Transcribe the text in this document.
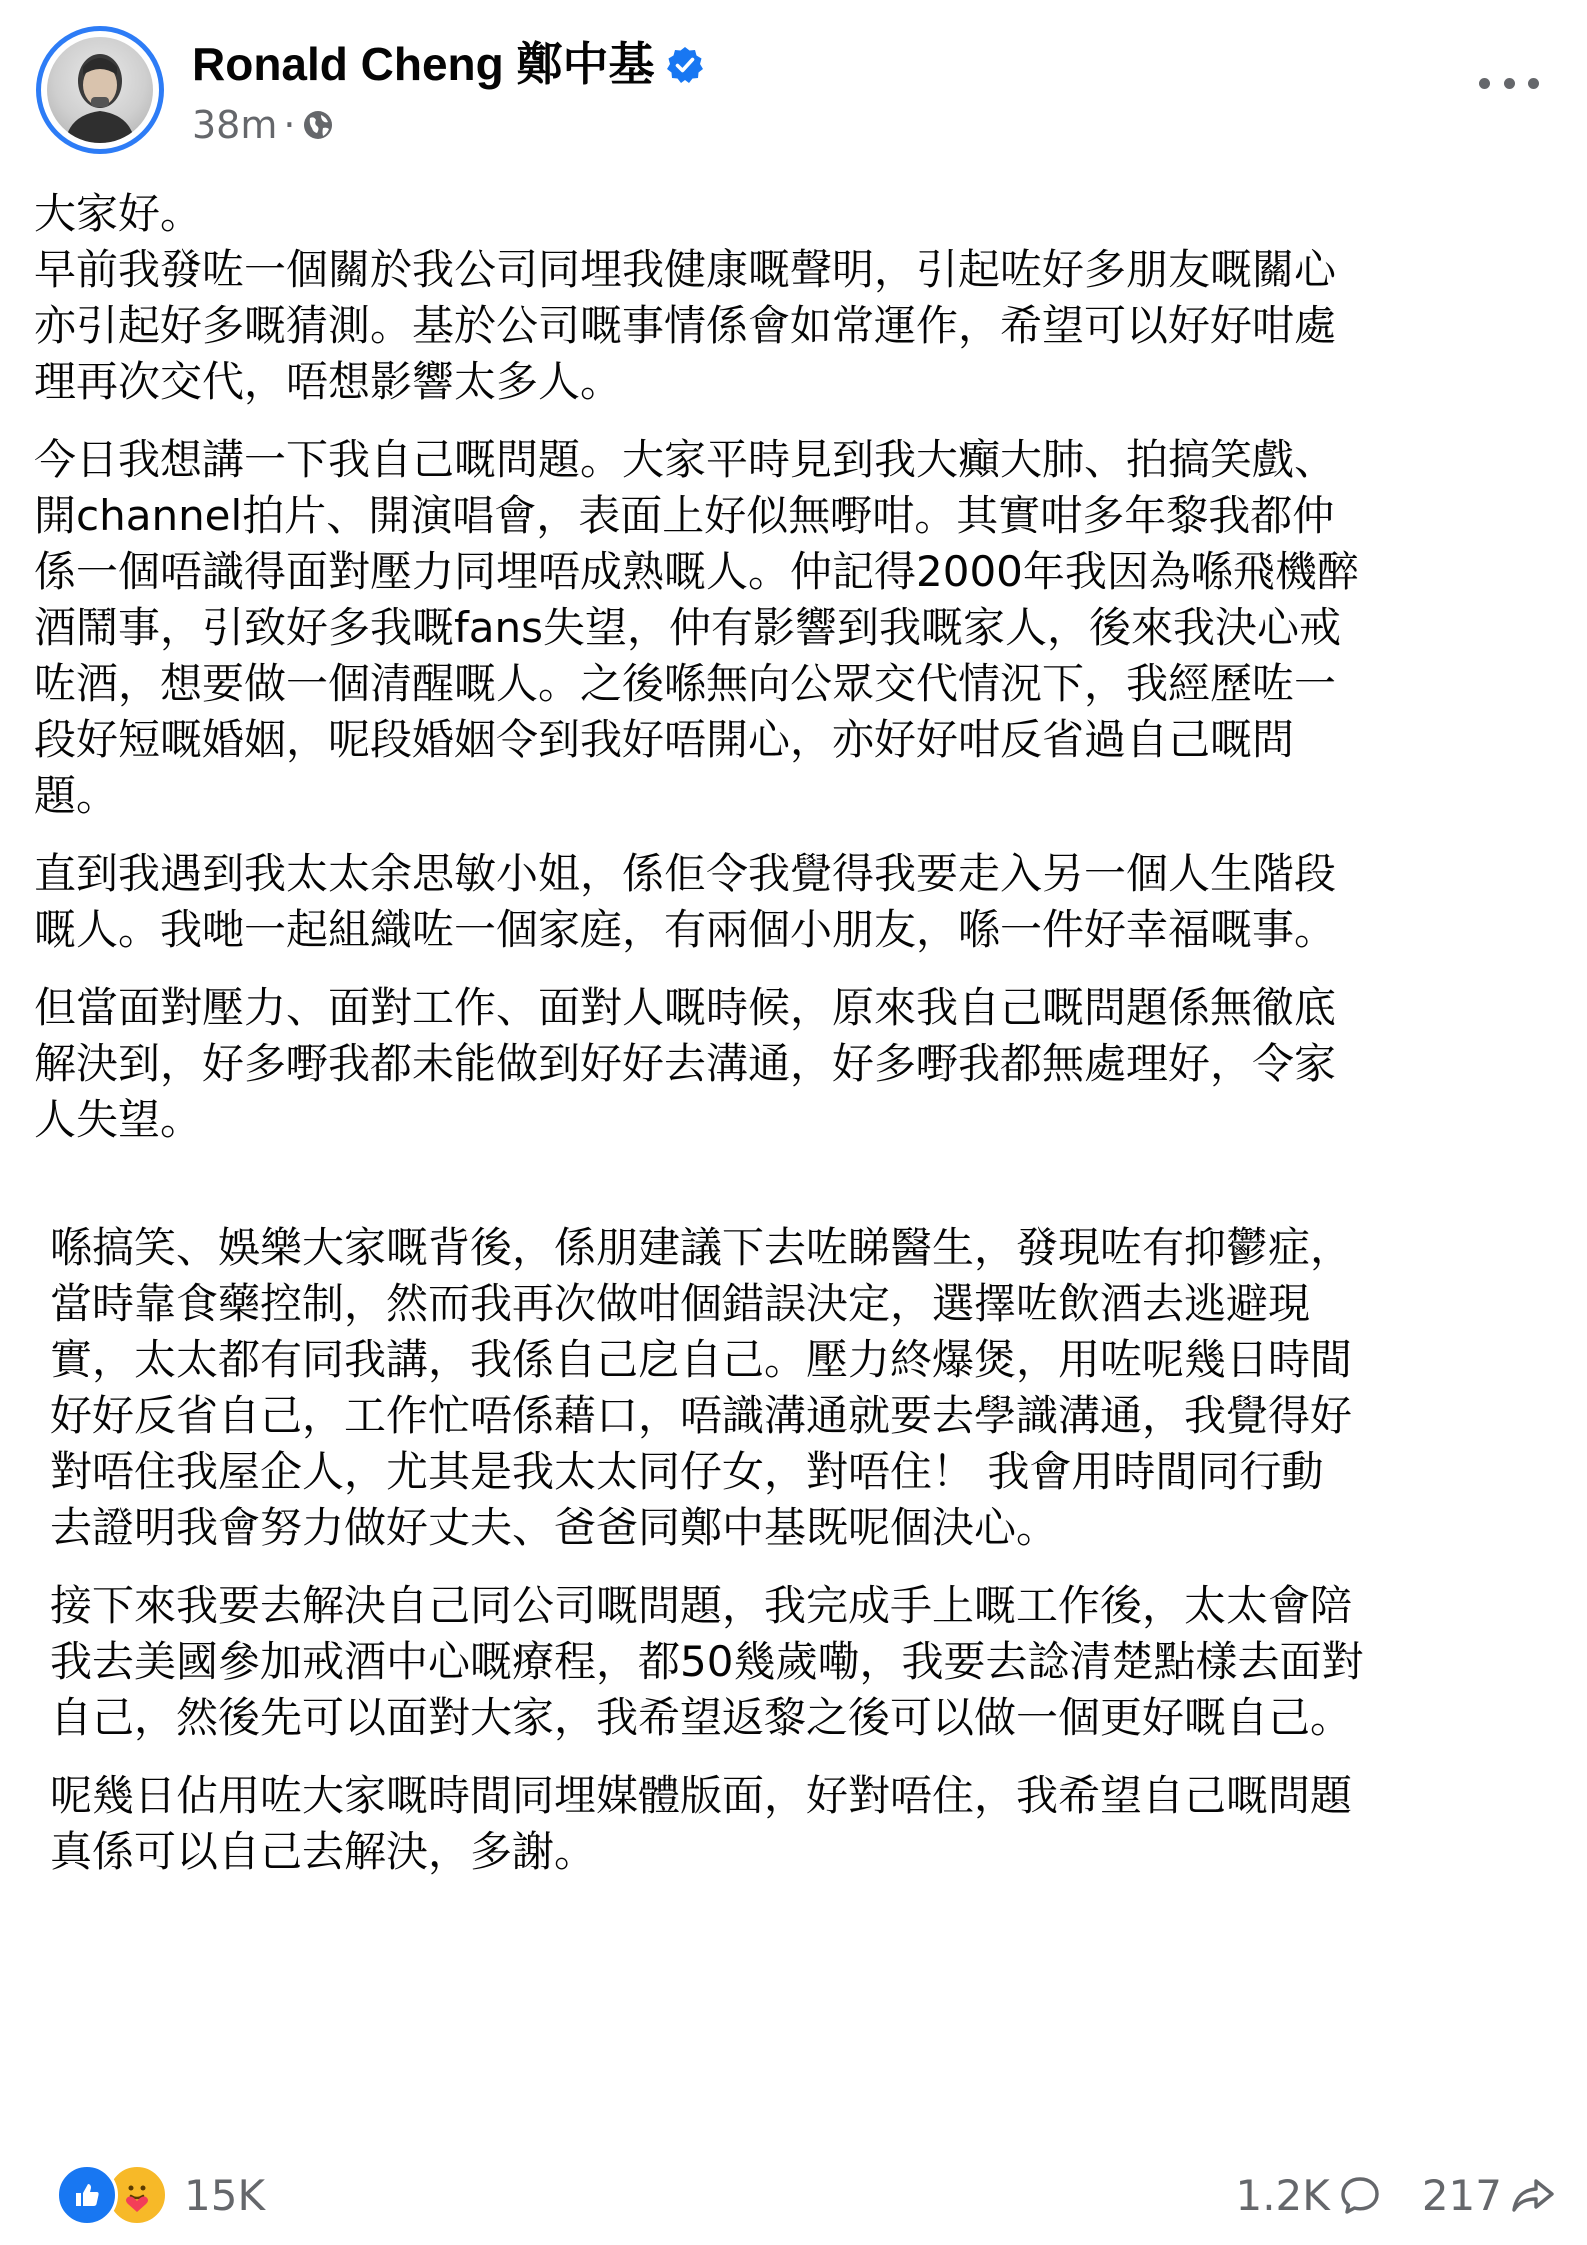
Ronald Cheng 鄭中基
38m ·

大家好。
早前我發咗一個關於我公司同埋我健康嘅聲明，引起咗好多朋友嘅關心
亦引起好多嘅猜測。基於公司嘅事情係會如常運作，希望可以好好咁處
理再次交代，唔想影響太多人。

今日我想講一下我自己嘅問題。大家平時見到我大癲大肺、拍搞笑戲、
開channel拍片、開演唱會，表面上好似無嘢咁。其實咁多年黎我都仲
係一個唔識得面對壓力同埋唔成熟嘅人。仲記得2000年我因為喺飛機醉
酒鬧事，引致好多我嘅fans失望，仲有影響到我嘅家人，後來我決心戒
咗酒，想要做一個清醒嘅人。之後喺無向公眾交代情況下，我經歷咗一
段好短嘅婚姻，呢段婚姻令到我好唔開心，亦好好咁反省過自己嘅問
題。

直到我遇到我太太余思敏小姐，係佢令我覺得我要走入另一個人生階段
嘅人。我哋一起組織咗一個家庭，有兩個小朋友，喺一件好幸福嘅事。

但當面對壓力、面對工作、面對人嘅時候，原來我自己嘅問題係無徹底
解決到，好多嘢我都未能做到好好去溝通，好多嘢我都無處理好，令家
人失望。

喺搞笑、娛樂大家嘅背後，係朋建議下去咗睇醫生，發現咗有抑鬱症，
當時靠食藥控制，然而我再次做咁個錯誤決定，選擇咗飲酒去逃避現
實，太太都有同我講，我係自己戹自己。壓力終爆煲，用咗呢幾日時間
好好反省自己，工作忙唔係藉口，唔識溝通就要去學識溝通，我覺得好
對唔住我屋企人，尤其是我太太同仔女，對唔住！ 我會用時間同行動
去證明我會努力做好丈夫、爸爸同鄭中基既呢個決心。

接下來我要去解決自己同公司嘅問題，我完成手上嘅工作後，太太會陪
我去美國參加戒酒中心嘅療程，都50幾歲嘞，我要去諗清楚點樣去面對
自己，然後先可以面對大家，我希望返黎之後可以做一個更好嘅自己。

呢幾日佔用咗大家嘅時間同埋媒體版面，好對唔住，我希望自己嘅問題
真係可以自己去解決，多謝。

15K	1.2K 217
